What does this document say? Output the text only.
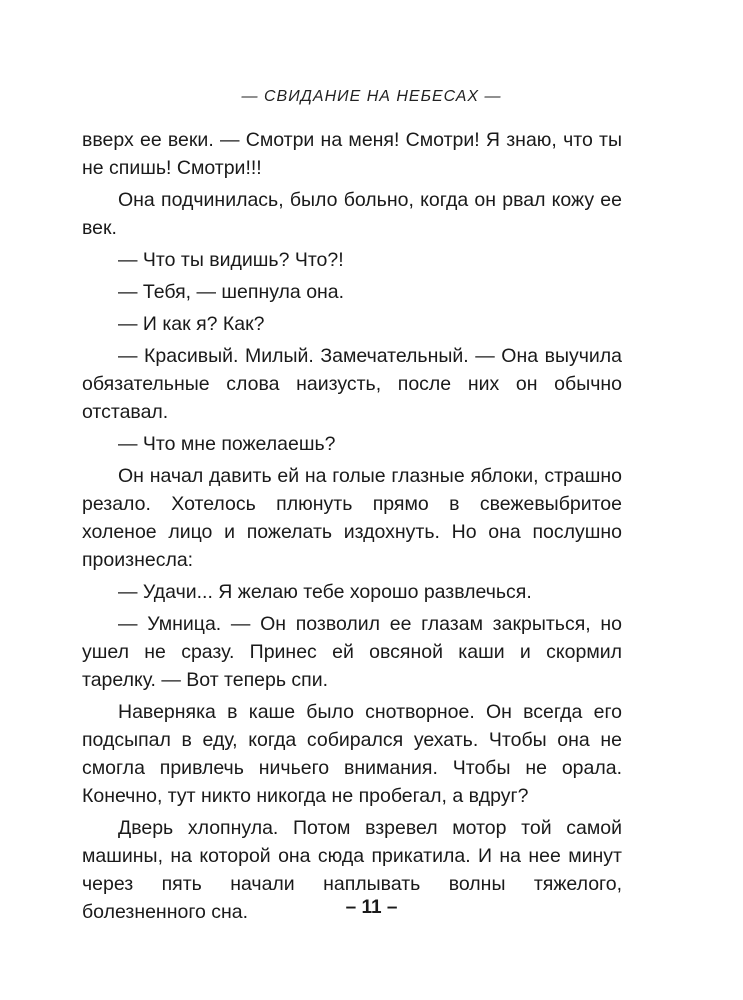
— СВИДАНИЕ НА НЕБЕСАХ —

вверх ее веки. — Смотри на меня! Смотри! Я знаю, что ты не спишь! Смотри!!!

Она подчинилась, было больно, когда он рвал кожу ее век.

— Что ты видишь? Что?!

— Тебя, — шепнула она.

— И как я? Как?

— Красивый. Милый. Замечательный. — Она выучила обязательные слова наизусть, после них он обычно отставал.

— Что мне пожелаешь?

Он начал давить ей на голые глазные яблоки, страшно резало. Хотелось плюнуть прямо в свежевыбритое холеное лицо и пожелать издохнуть. Но она послушно произнесла:

— Удачи... Я желаю тебе хорошо развлечься.

— Умница. — Он позволил ее глазам закрыться, но ушел не сразу. Принес ей овсяной каши и скормил тарелку. — Вот теперь спи.

Наверняка в каше было снотворное. Он всегда его подсыпал в еду, когда собирался уехать. Чтобы она не смогла привлечь ничьего внимания. Чтобы не орала. Конечно, тут никто никогда не пробегал, а вдруг?

Дверь хлопнула. Потом взревел мотор той самой машины, на которой она сюда прикатила. И на нее минут через пять начали наплывать волны тяжелого, болезненного сна.	– 11 –
